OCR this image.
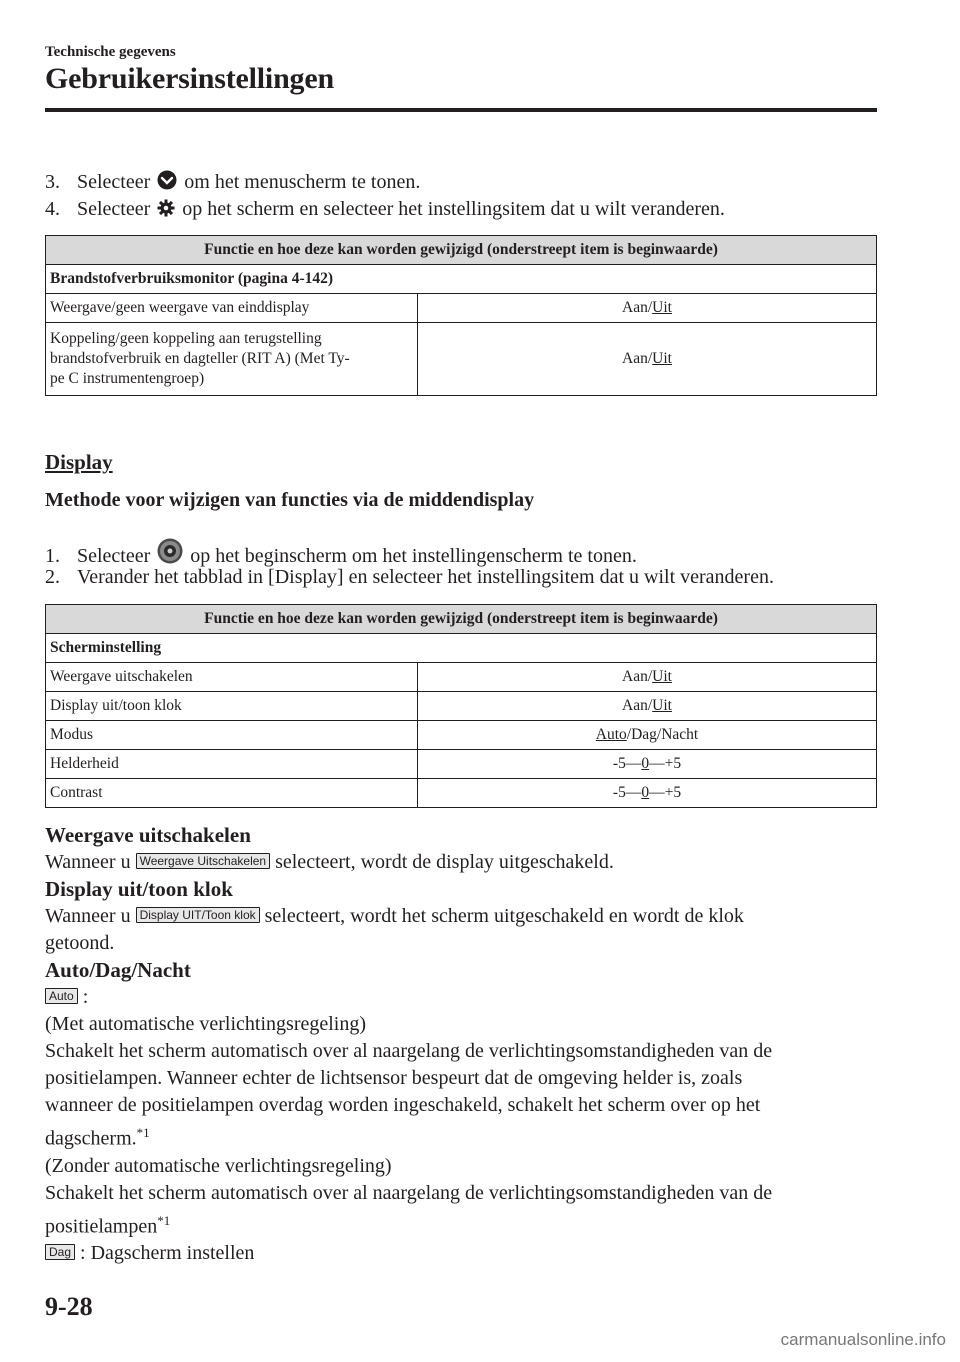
Technische gegevens
Gebruikersinstellingen
3. Selecteer om het menuscherm te tonen.
4. Selecteer op het scherm en selecteer het instellingsitem dat u wilt veranderen.
Functie en hoe deze kan worden gewijzigd (onderstreept item is beginwaarde)	
Brandstofverbruiksmonitor (pagina 4-142)	
Weergave/geen weergave van einddisplay	Aan/Uit
Koppeling/geen koppeling aan terugstelling
brandstofverbruik en dagteller (RIT A) (Met Ty-
pe C instrumentengroep)	Aan/Uit
Display
Methode voor wijzigen van functies via de middendisplay
1. Selecteer op het beginscherm om het instellingenscherm te tonen.
2. Verander het tabblad in [Display] en selecteer het instellingsitem dat u wilt veranderen.
Functie en hoe deze kan worden gewijzigd (onderstreept item is beginwaarde)	
Scherminstelling	
Weergave uitschakelen	Aan/Uit
Display uit/toon klok	Aan/Uit
Modus	Auto/Dag/Nacht
Helderheid	-5—0—+5
Contrast	-5—0—+5
Weergave uitschakelen
Wanneer u Weergave Uitschakelen selecteert, wordt de display uitgeschakeld.
Display uit/toon klok
Wanneer u Display UIT/Toon klok selecteert, wordt het scherm uitgeschakeld en wordt de klok
getoond.
Auto/Dag/Nacht
Auto :
(Met automatische verlichtingsregeling)
Schakelt het scherm automatisch over al naargelang de verlichtingsomstandigheden van de
positielampen. Wanneer echter de lichtsensor bespeurt dat de omgeving helder is, zoals
wanneer de positielampen overdag worden ingeschakeld, schakelt het scherm over op het
dagscherm.$^{*1}$
(Zonder automatische verlichtingsregeling)
Schakelt het scherm automatisch over al naargelang de verlichtingsomstandigheden van de
positielampen$^{*1}$
Dag : Dagscherm instellen
9-28
carmanualsonline.info
